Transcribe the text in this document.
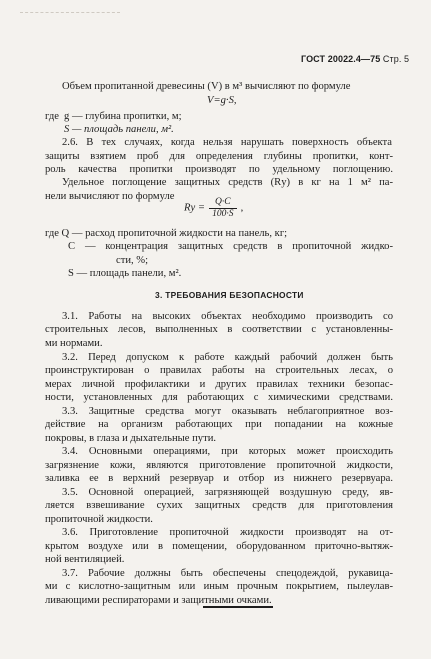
ГОСТ 20022.4—75 Стр. 5
Объем пропитанной древесины (V) в м³ вычисляют по формуле
V=g·S,
где g — глубина пропитки, м;
S — площадь панели, м².
2.6. В тех случаях, когда нельзя нарушать поверхность объекта
защиты взятием проб для определения глубины пропитки, конт-
роль качества пропитки производят по удельному поглощению.
Удельное поглощение защитных средств (Rу) в кг на 1 м² па-
нели вычисляют по формуле
Rу = $\frac{Q\cdot C}{100\cdot S}$ ,
где Q — расход пропиточной жидкости на панель, кг;
C — концентрация защитных средств в пропиточной жидко-
сти, %;
S — площадь панели, м².
3. ТРЕБОВАНИЯ БЕЗОПАСНОСТИ
3.1. Работы на высоких объектах необходимо производить со
строительных лесов, выполненных в соответствии с установленны-
ми нормами.
3.2. Перед допуском к работе каждый рабочий должен быть
проинструктирован о правилах работы на строительных лесах, о
мерах личной профилактики и других правилах техники безопас-
ности, установленных для работающих с химическими средствами.
3.3. Защитные средства могут оказывать неблагоприятное воз-
действие на организм работающих при попадании на кожные
покровы, в глаза и дыхательные пути.
3.4. Основными операциями, при которых может происходить
загрязнение кожи, являются приготовление пропиточной жидкости,
заливка ее в верхний резервуар и отбор из нижнего резервуара.
3.5. Основной операцией, загрязняющей воздушную среду, яв-
ляется взвешивание сухих защитных средств для приготовления
пропиточной жидкости.
3.6. Приготовление пропиточной жидкости производят на от-
крытом воздухе или в помещении, оборудованном приточно-вытяж-
ной вентиляцией.
3.7. Рабочие должны быть обеспечены спецодеждой, рукавица-
ми с кислотно-защитным или иным прочным покрытием, пылеулав-
ливающими респираторами и защитными очками.
